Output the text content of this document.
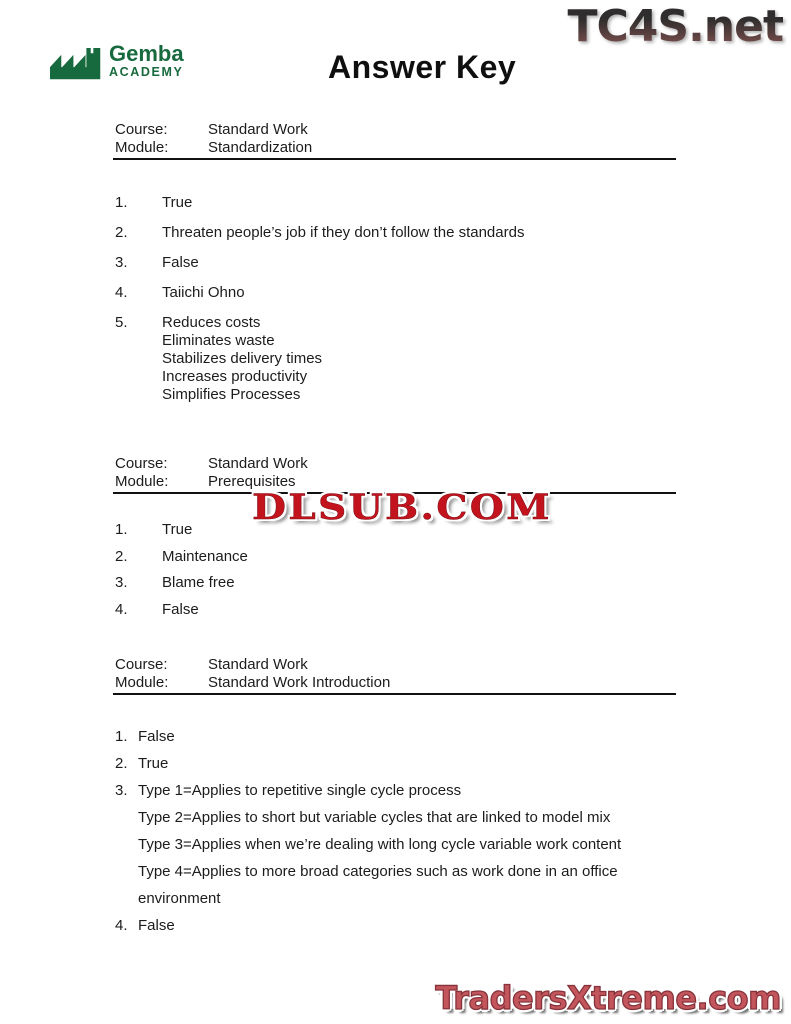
TC4S.net
Gemba
ACADEMY	Answer Key
Course:	Standard Work
Module:	Standardization
1.	True
2.	Threaten people’s job if they don’t follow the standards
3.	False
4.	Taiichi Ohno
5.	Reduces costs
Eliminates waste
Stabilizes delivery times
Increases productivity
Simplifies Processes
Course:	Standard Work
Module:	Prerequisites
1.	True
2.	Maintenance
3.	Blame free
4.	False
DLSUB.COM
Course:	Standard Work
Module:	Standard Work Introduction
1. False
2. True
3. Type 1=Applies to repetitive single cycle process
Type 2=Applies to short but variable cycles that are linked to model mix
Type 3=Applies when we’re dealing with long cycle variable work content
Type 4=Applies to more broad categories such as work done in an office
environment
4. False
TradersXtreme.com
